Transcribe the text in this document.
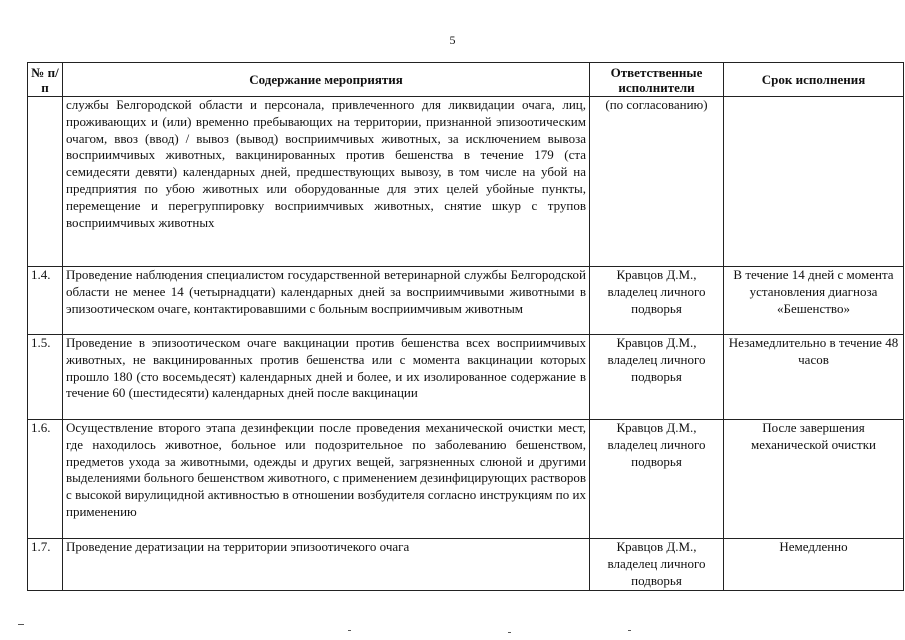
5
№ п/п	Содержание мероприятия	Ответственные исполнители	Срок исполнения
	службы Белгородской области и персонала, привлеченного для ликвидации очага, лиц, проживающих и (или) временно пребывающих на территории, признанной эпизоотическим очагом, ввоз (ввод) / вывоз (вывод) восприимчивых животных, за исключением вывоза восприимчивых животных, вакцинированных против бешенства в течение 179 (ста семидесяти девяти) календарных дней, предшествующих вывозу, в том числе на убой на предприятия по убою животных или оборудованные для этих целей убойные пункты, перемещение и перегруппировку восприимчивых животных, снятие шкур с трупов восприимчивых животных	(по согласованию)	
1.4.	Проведение наблюдения специалистом государственной ветеринарной службы Белгородской области не менее 14 (четырнадцати) календарных дней за восприимчивыми животными в эпизоотическом очаге, контактировавшими с больным восприимчивым животным	Кравцов Д.М., владелец личного подворья	В течение 14 дней с момента установления диагноза «Бешенство»
1.5.	Проведение в эпизоотическом очаге вакцинации против бешенства всех восприимчивых животных, не вакцинированных против бешенства или с момента вакцинации которых прошло 180 (сто восемьдесят) календарных дней и более, и их изолированное содержание в течение 60 (шестидесяти) календарных дней после вакцинации	Кравцов Д.М., владелец личного подворья	Незамедлительно в течение 48 часов
1.6.	Осуществление второго этапа дезинфекции после проведения механической очистки мест, где находилось животное, больное или подозрительное по заболеванию бешенством, предметов ухода за животными, одежды и других вещей, загрязненных слюной и другими выделениями больного бешенством животного, с применением дезинфицирующих растворов с высокой вирулицидной активностью в отношении возбудителя согласно инструкциям по их применению	Кравцов Д.М., владелец личного подворья	После завершения механической очистки
1.7.	Проведение дератизации на территории эпизоотичекого очага	Кравцов Д.М., владелец личного подворья	Немедленно
